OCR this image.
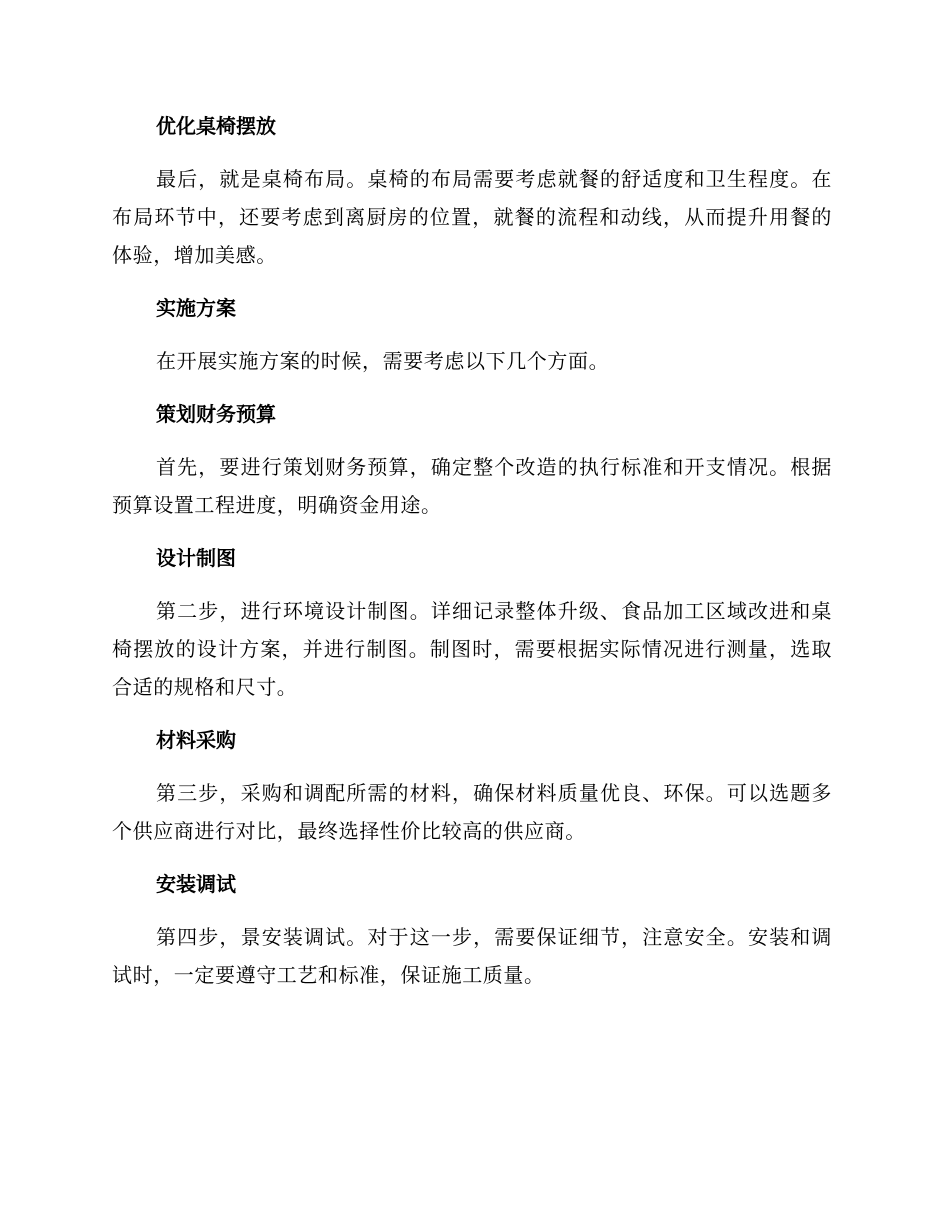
优化桌椅摆放

最后，就是桌椅布局。桌椅的布局需要考虑就餐的舒适度和卫生程度。在布局环节中，还要考虑到离厨房的位置，就餐的流程和动线，从而提升用餐的体验，增加美感。

实施方案

在开展实施方案的时候，需要考虑以下几个方面。

策划财务预算

首先，要进行策划财务预算，确定整个改造的执行标准和开支情况。根据预算设置工程进度，明确资金用途。

设计制图

第二步，进行环境设计制图。详细记录整体升级、食品加工区域改进和桌椅摆放的设计方案，并进行制图。制图时，需要根据实际情况进行测量，选取合适的规格和尺寸。

材料采购

第三步，采购和调配所需的材料，确保材料质量优良、环保。可以选题多个供应商进行对比，最终选择性价比较高的供应商。

安装调试

第四步，景安装调试。对于这一步，需要保证细节，注意安全。安装和调试时，一定要遵守工艺和标准，保证施工质量。
